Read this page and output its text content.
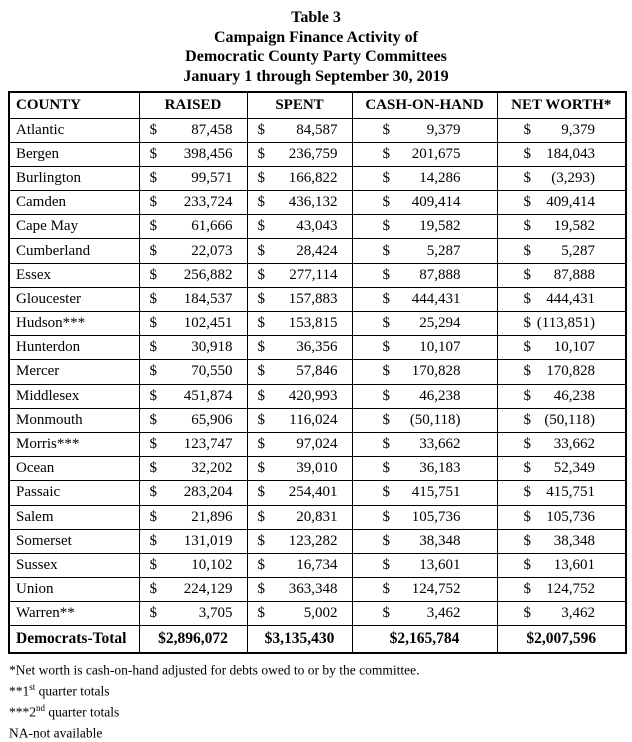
Table 3
Campaign Finance Activity of
Democratic County Party Committees
January 1 through September 30, 2019
COUNTY	RAISED	SPENT	CASH-ON-HAND	NET WORTH*
Atlantic	$ 87,458	$ 84,587	$ 9,379	$ 9,379

Bergen	$ 398,456	$ 236,759	$ 201,675	$ 184,043

Burlington	$ 99,571	$ 166,822	$ 14,286	$ (3,293)

Camden	$ 233,724	$ 436,132	$ 409,414	$ 409,414

Cape May	$ 61,666	$ 43,043	$ 19,582	$ 19,582

Cumberland	$ 22,073	$ 28,424	$ 5,287	$ 5,287

Essex	$ 256,882	$ 277,114	$ 87,888	$ 87,888

Gloucester	$ 184,537	$ 157,883	$ 444,431	$ 444,431

Hudson***	$ 102,451	$ 153,815	$ 25,294	$ (113,851)

Hunterdon	$ 30,918	$ 36,356	$ 10,107	$ 10,107

Mercer	$ 70,550	$ 57,846	$ 170,828	$ 170,828

Middlesex	$ 451,874	$ 420,993	$ 46,238	$ 46,238

Monmouth	$ 65,906	$ 116,024	$ (50,118)	$ (50,118)

Morris***	$ 123,747	$ 97,024	$ 33,662	$ 33,662

Ocean	$ 32,202	$ 39,010	$ 36,183	$ 52,349

Passaic	$ 283,204	$ 254,401	$ 415,751	$ 415,751

Salem	$ 21,896	$ 20,831	$ 105,736	$ 105,736

Somerset	$ 131,019	$ 123,282	$ 38,348	$ 38,348

Sussex	$ 10,102	$ 16,734	$ 13,601	$ 13,601

Union	$ 224,129	$ 363,348	$ 124,752	$ 124,752

Warren**	$ 3,705	$ 5,002	$ 3,462	$ 3,462

Democrats-Total	$2,896,072	$3,135,430	$2,165,784	$2,007,596
*Net worth is cash-on-hand adjusted for debts owed to or by the committee.
**1st quarter totals
***2nd quarter totals
NA-not available
